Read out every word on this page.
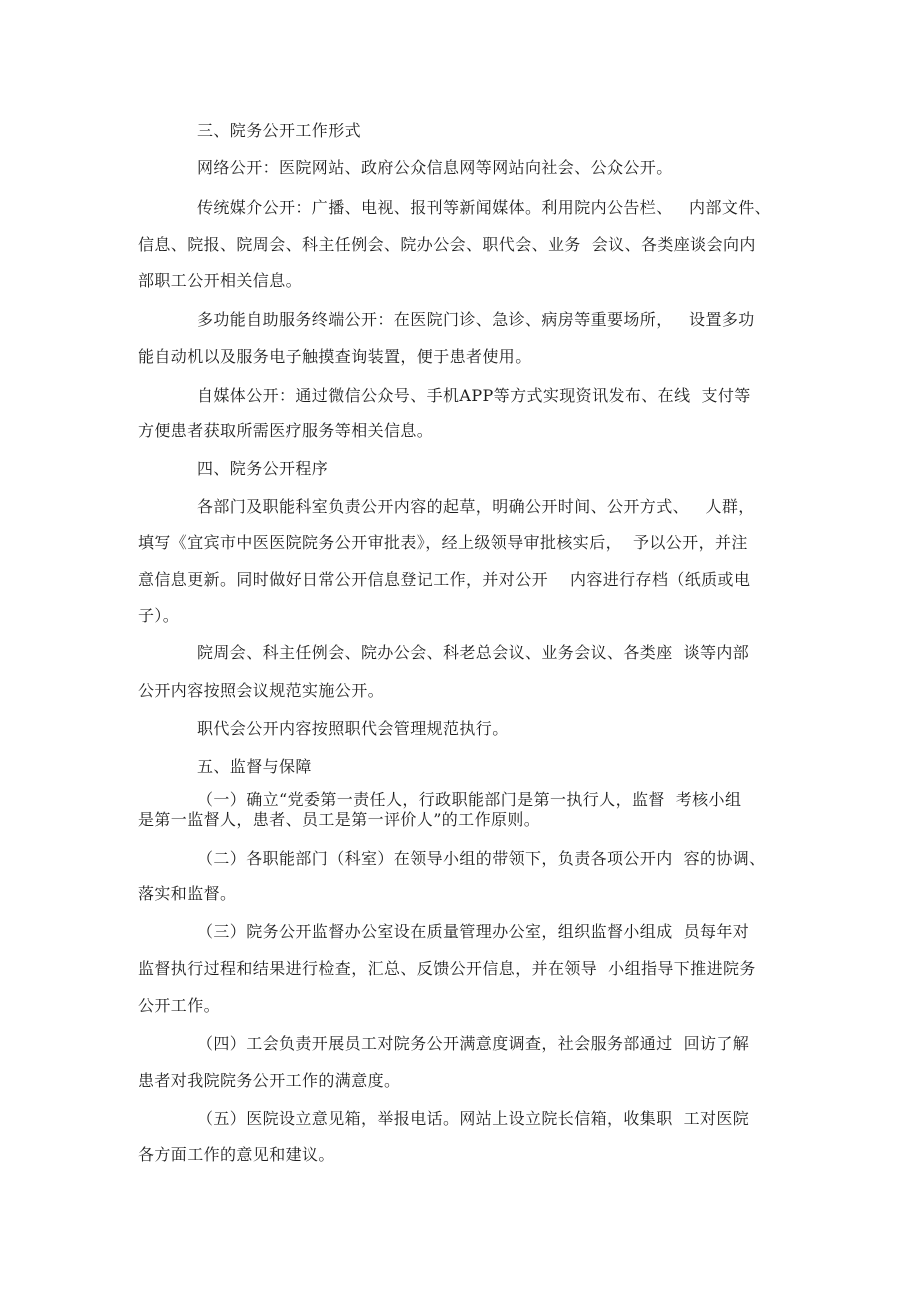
三、院务公开工作形式
网络公开：医院网站、政府公众信息网等网站向社会、公众公开。
传统媒介公开：广播、电视、报刊等新闻媒体。利用院内公告栏、   内部文件、
信息、院报、院周会、科主任例会、院办公会、职代会、业务  会议、各类座谈会向内
部职工公开相关信息。
多功能自助服务终端公开：在医院门诊、急诊、病房等重要场所，   设置多功
能自动机以及服务电子触摸查询装置，便于患者使用。
自媒体公开：通过微信公众号、手机APP等方式实现资讯发布、在线  支付等
方便患者获取所需医疗服务等相关信息。
四、院务公开程序
各部门及职能科室负责公开内容的起草，明确公开时间、公开方式、   人群，
填写《宜宾市中医医院院务公开审批表》，经上级领导审批核实后，  予以公开，并注
意信息更新。同时做好日常公开信息登记工作，并对公开    内容进行存档（纸质或电
子）。
院周会、科主任例会、院办公会、科老总会议、业务会议、各类座  谈等内部
公开内容按照会议规范实施公开。
职代会公开内容按照职代会管理规范执行。
五、监督与保障
（一）确立“党委第一责任人，行政职能部门是第一执行人，监督  考核小组
是第一监督人，患者、员工是第一评价人”的工作原则。
（二）各职能部门（科室）在领导小组的带领下，负责各项公开内  容的协调、
落实和监督。
（三）院务公开监督办公室设在质量管理办公室，组织监督小组成  员每年对
监督执行过程和结果进行检查，汇总、反馈公开信息，并在领导  小组指导下推进院务
公开工作。
（四）工会负责开展员工对院务公开满意度调查，社会服务部通过  回访了解
患者对我院院务公开工作的满意度。
（五）医院设立意见箱，举报电话。网站上设立院长信箱，收集职  工对医院
各方面工作的意见和建议。
